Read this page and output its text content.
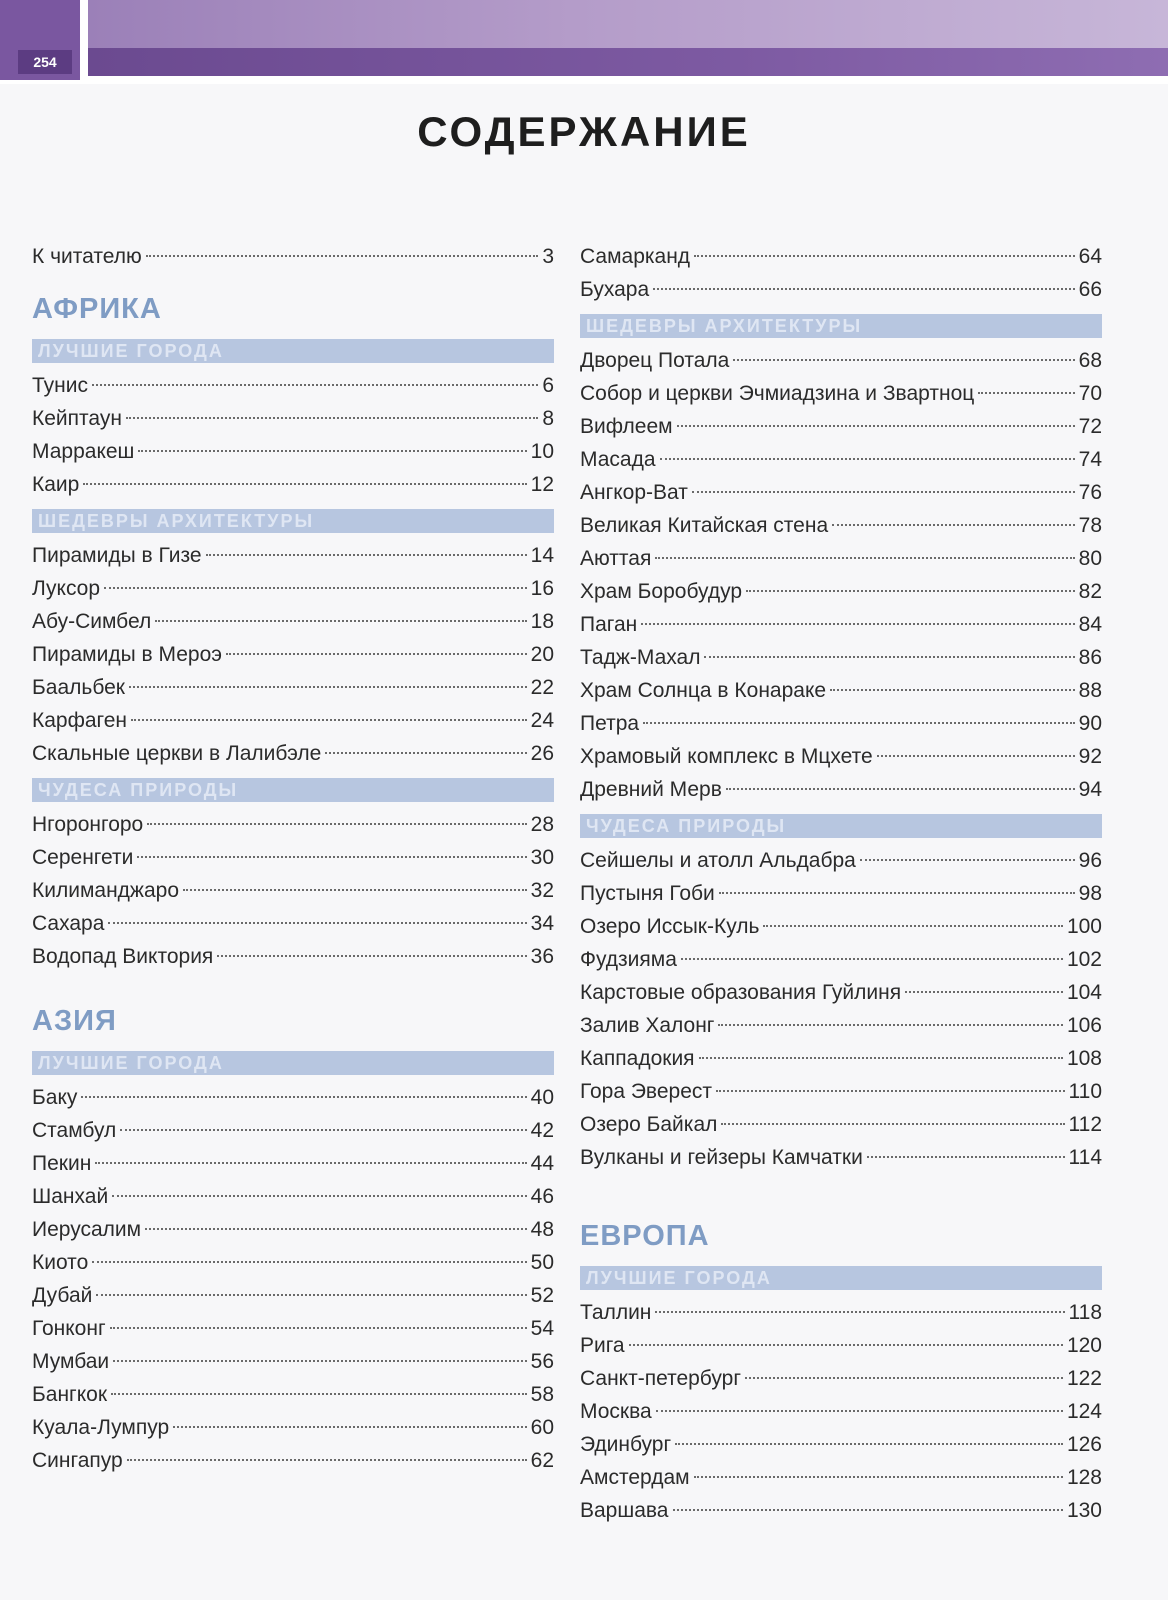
254
СОДЕРЖАНИЕ
К читателю	3
АФРИКА
ЛУЧШИЕ ГОРОДА
Тунис	6
Кейптаун	8
Марракеш	10
Каир	12
ШЕДЕВРЫ АРХИТЕКТУРЫ
Пирамиды в Гизе	14
Луксор	16
Абу-Симбел	18
Пирамиды в Мероэ	20
Баальбек	22
Карфаген	24
Скальные церкви в Лалибэле	26
ЧУДЕСА ПРИРОДЫ
Нгоронгоро	28
Серенгети	30
Килиманджаро	32
Сахара	34
Водопад Виктория	36
АЗИЯ
ЛУЧШИЕ ГОРОДА
Баку	40
Стамбул	42
Пекин	44
Шанхай	46
Иерусалим	48
Киото	50
Дубай	52
Гонконг	54
Мумбаи	56
Бангкок	58
Куала-Лумпур	60
Сингапур	62
Самарканд	64
Бухара	66
ШЕДЕВРЫ АРХИТЕКТУРЫ
Дворец Потала	68
Собор и церкви Эчмиадзина и Звартноц	70
Вифлеем	72
Масада	74
Ангкор-Ват	76
Великая Китайская стена	78
Аюттая	80
Храм Боробудур	82
Паган	84
Тадж-Махал	86
Храм Солнца в Конараке	88
Петра	90
Храмовый комплекс в Мцхете	92
Древний Мерв	94
ЧУДЕСА ПРИРОДЫ
Сейшелы и атолл Альдабра	96
Пустыня Гоби	98
Озеро Иссык-Куль	100
Фудзияма	102
Карстовые образования Гуйлиня	104
Залив Халонг	106
Каппадокия	108
Гора Эверест	110
Озеро Байкал	112
Вулканы и гейзеры Камчатки	114
ЕВРОПА
ЛУЧШИЕ ГОРОДА
Таллин	118
Рига	120
Санкт-петербург	122
Москва	124
Эдинбург	126
Амстердам	128
Варшава	130
